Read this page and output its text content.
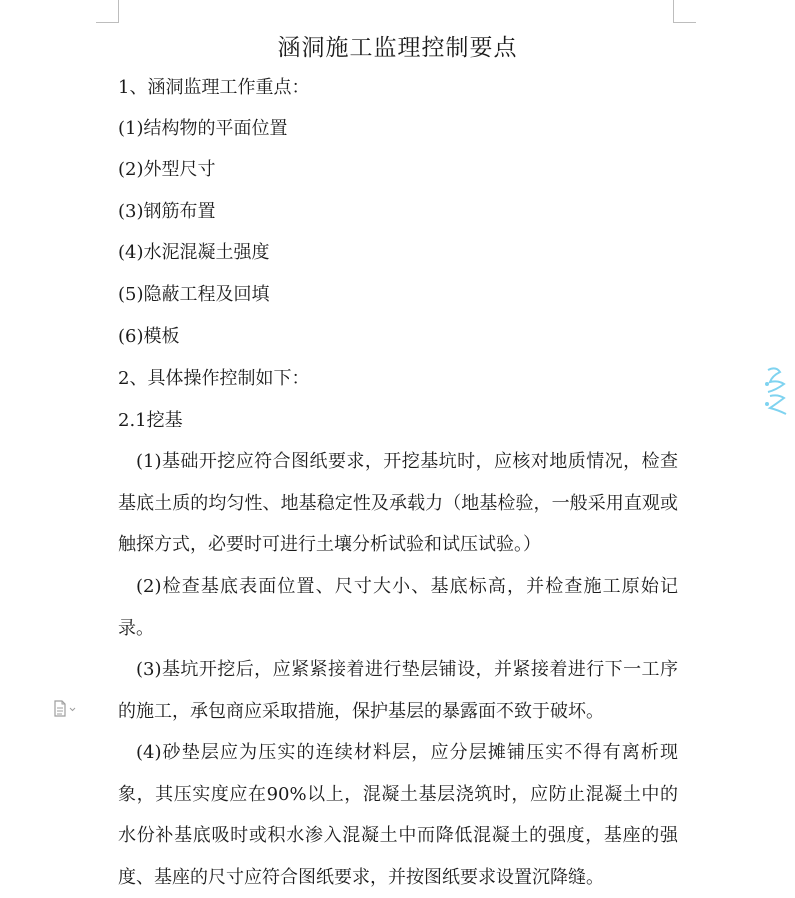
涵洞施工监理控制要点

1、涵洞监理工作重点：

(1)结构物的平面位置

(2)外型尺寸

(3)钢筋布置

(4)水泥混凝土强度

(5)隐蔽工程及回填

(6)模板

2、具体操作控制如下：

2.1挖基

(1)基础开挖应符合图纸要求，开挖基坑时，应核对地质情况，检查基底土质的均匀性、地基稳定性及承载力（地基检验，一般采用直观或触探方式，必要时可进行土壤分析试验和试压试验。）

(2)检查基底表面位置、尺寸大小、基底标高，并检查施工原始记录。

(3)基坑开挖后，应紧紧接着进行垫层铺设，并紧接着进行下一工序的施工，承包商应采取措施，保护基层的暴露面不致于破坏。

(4)砂垫层应为压实的连续材料层，应分层摊铺压实不得有离析现象，其压实度应在90%以上，混凝土基层浇筑时，应防止混凝土中的水份补基底吸时或积水渗入混凝土中而降低混凝土的强度，基座的强度、基座的尺寸应符合图纸要求，并按图纸要求设置沉降缝。
